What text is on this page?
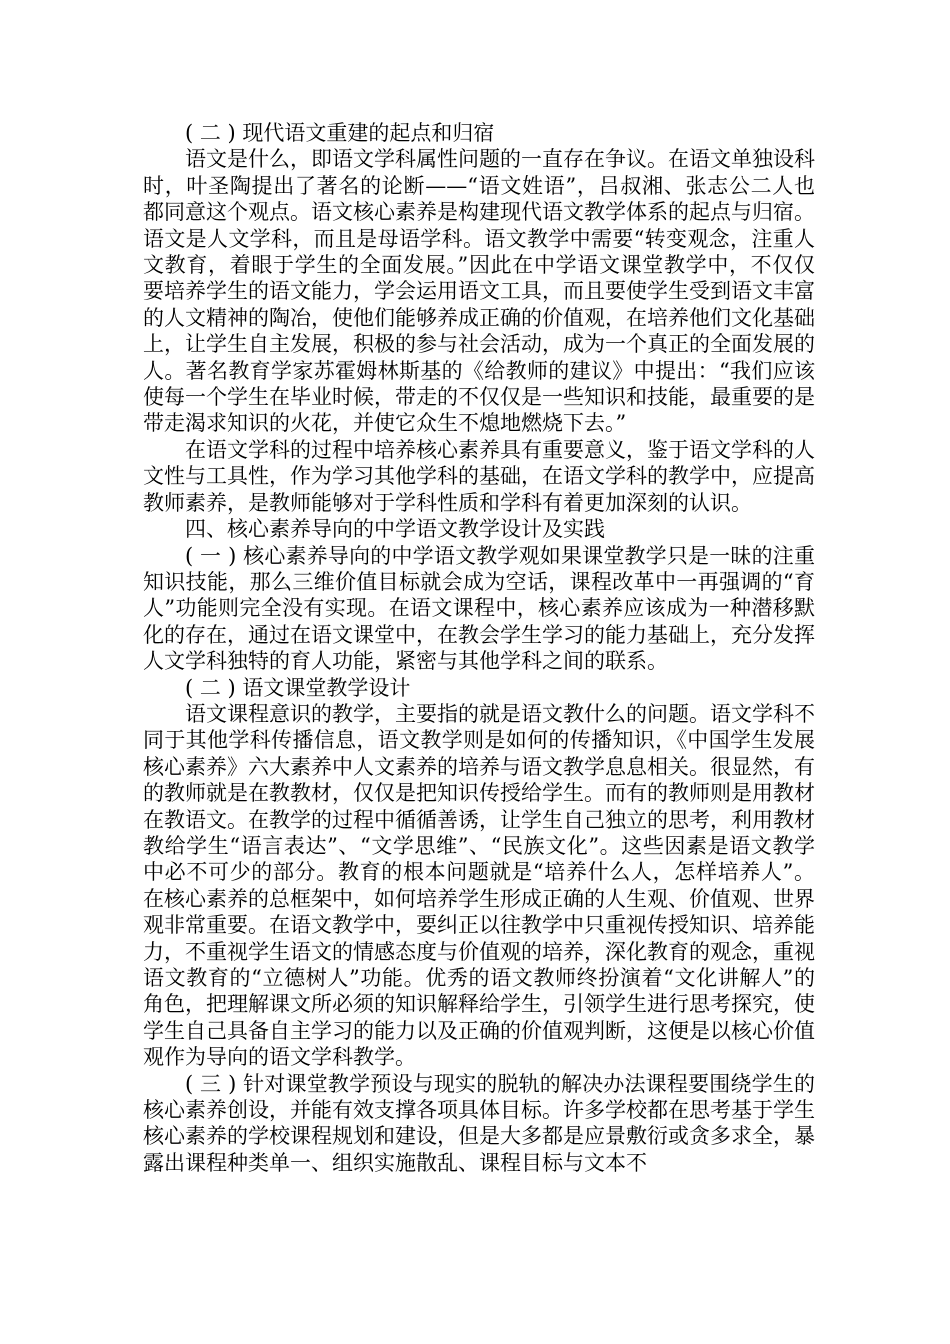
( 二 ) 现代语文重建的起点和归宿

语文是什么，即语文学科属性问题的一直存在争议。在语文单独设科时，叶圣陶提出了著名的论断——“语文姓语”，吕叔湘、张志公二人也都同意这个观点。语文核心素养是构建现代语文教学体系的起点与归宿。语文是人文学科，而且是母语学科。语文教学中需要“转变观念，注重人文教育，着眼于学生的全面发展。”因此在中学语文课堂教学中，不仅仅要培养学生的语文能力，学会运用语文工具，而且要使学生受到语文丰富的人文精神的陶冶，使他们能够养成正确的价值观，在培养他们文化基础上，让学生自主发展，积极的参与社会活动，成为一个真正的全面发展的人。著名教育学家苏霍姆林斯基的《给教师的建议》中提出：“我们应该使每一个学生在毕业时候，带走的不仅仅是一些知识和技能，最重要的是带走渴求知识的火花，并使它众生不熄地燃烧下去。”

在语文学科的过程中培养核心素养具有重要意义，鉴于语文学科的人文性与工具性，作为学习其他学科的基础，在语文学科的教学中，应提高教师素养，是教师能够对于学科性质和学科有着更加深刻的认识。

四、核心素养导向的中学语文教学设计及实践

( 一 ) 核心素养导向的中学语文教学观如果课堂教学只是一昧的注重知识技能，那么三维价值目标就会成为空话，课程改革中一再强调的“育人”功能则完全没有实现。在语文课程中，核心素养应该成为一种潜移默化的存在，通过在语文课堂中，在教会学生学习的能力基础上，充分发挥人文学科独特的育人功能，紧密与其他学科之间的联系。

( 二 ) 语文课堂教学设计

语文课程意识的教学，主要指的就是语文教什么的问题。语文学科不同于其他学科传播信息，语文教学则是如何的传播知识，《中国学生发展核心素养》六大素养中人文素养的培养与语文教学息息相关。很显然，有的教师就是在教教材，仅仅是把知识传授给学生。而有的教师则是用教材在教语文。在教学的过程中循循善诱，让学生自己独立的思考，利用教材教给学生“语言表达”、“文学思维”、“民族文化”。这些因素是语文教学中必不可少的部分。教育的根本问题就是“培养什么人，怎样培养人”。在核心素养的总框架中，如何培养学生形成正确的人生观、价值观、世界观非常重要。在语文教学中，要纠正以往教学中只重视传授知识、培养能力，不重视学生语文的情感态度与价值观的培养，深化教育的观念，重视语文教育的“立德树人”功能。优秀的语文教师终扮演着“文化讲解人”的角色，把理解课文所必须的知识解释给学生，引领学生进行思考探究，使学生自己具备自主学习的能力以及正确的价值观判断，这便是以核心价值观作为导向的语文学科教学。

( 三 ) 针对课堂教学预设与现实的脱轨的解决办法课程要围绕学生的核心素养创设，并能有效支撑各项具体目标。许多学校都在思考基于学生核心素养的学校课程规划和建设，但是大多都是应景敷衍或贪多求全，暴露出课程种类单一、组织实施散乱、课程目标与文本不
